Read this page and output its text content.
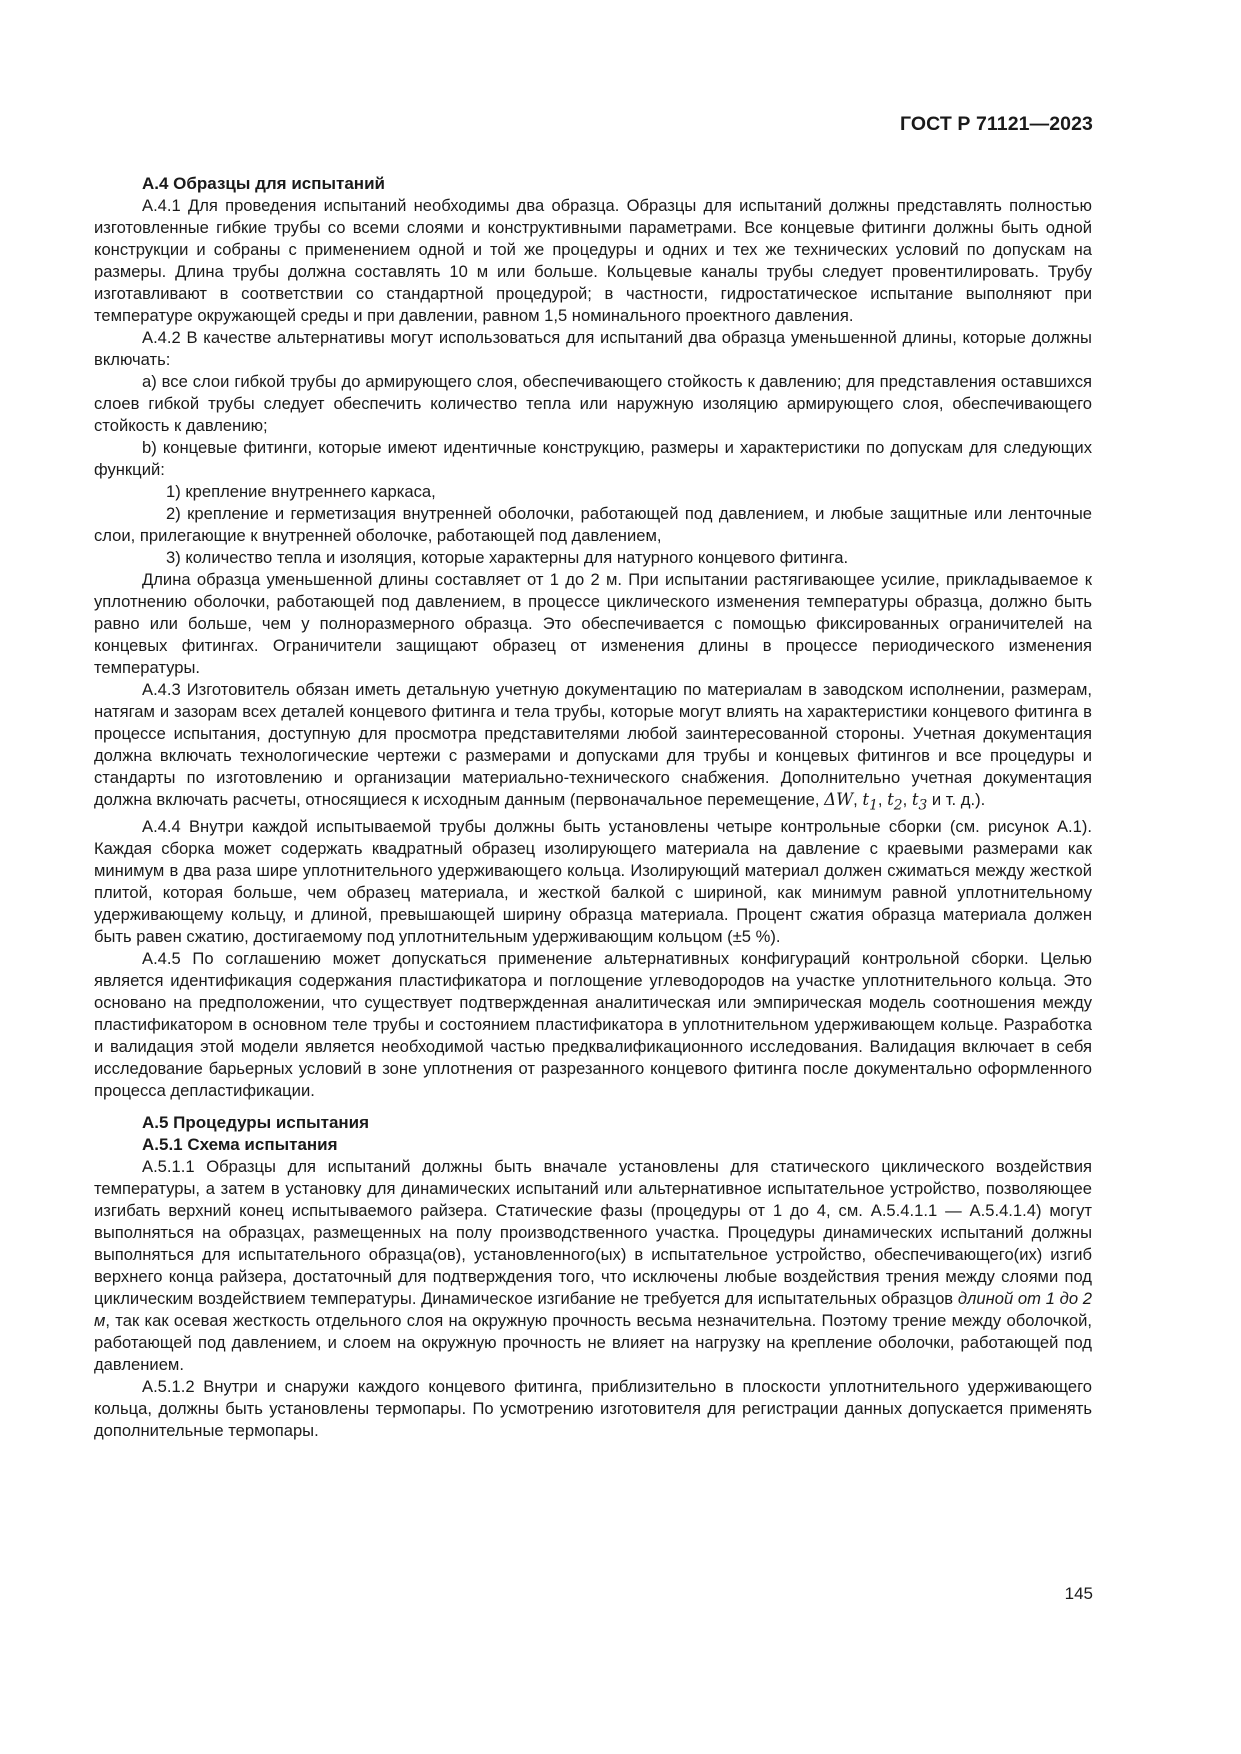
ГОСТ Р 71121—2023

А.4 Образцы для испытаний

А.4.1 Для проведения испытаний необходимы два образца. Образцы для испытаний должны представлять полностью изготовленные гибкие трубы со всеми слоями и конструктивными параметрами. Все концевые фитинги должны быть одной конструкции и собраны с применением одной и той же процедуры и одних и тех же технических условий по допускам на размеры. Длина трубы должна составлять 10 м или больше. Кольцевые каналы трубы следует провентилировать. Трубу изготавливают в соответствии со стандартной процедурой; в частности, гидростатическое испытание выполняют при температуре окружающей среды и при давлении, равном 1,5 номинального проектного давления.

А.4.2 В качестве альтернативы могут использоваться для испытаний два образца уменьшенной длины, которые должны включать:

a) все слои гибкой трубы до армирующего слоя, обеспечивающего стойкость к давлению; для представления оставшихся слоев гибкой трубы следует обеспечить количество тепла или наружную изоляцию армирующего слоя, обеспечивающего стойкость к давлению;

b) концевые фитинги, которые имеют идентичные конструкцию, размеры и характеристики по допускам для следующих функций:

1) крепление внутреннего каркаса,

2) крепление и герметизация внутренней оболочки, работающей под давлением, и любые защитные или ленточные слои, прилегающие к внутренней оболочке, работающей под давлением,

3) количество тепла и изоляция, которые характерны для натурного концевого фитинга.

Длина образца уменьшенной длины составляет от 1 до 2 м. При испытании растягивающее усилие, прикладываемое к уплотнению оболочки, работающей под давлением, в процессе циклического изменения температуры образца, должно быть равно или больше, чем у полноразмерного образца. Это обеспечивается с помощью фиксированных ограничителей на концевых фитингах. Ограничители защищают образец от изменения длины в процессе периодического изменения температуры.

А.4.3 Изготовитель обязан иметь детальную учетную документацию по материалам в заводском исполнении, размерам, натягам и зазорам всех деталей концевого фитинга и тела трубы, которые могут влиять на характеристики концевого фитинга в процессе испытания, доступную для просмотра представителями любой заинтересованной стороны. Учетная документация должна включать технологические чертежи с размерами и допусками для трубы и концевых фитингов и все процедуры и стандарты по изготовлению и организации материально-технического снабжения. Дополнительно учетная документация должна включать расчеты, относящиеся к исходным данным (первоначальное перемещение, ΔW, $t_1$, $t_2$, $t_3$ и т. д.).

А.4.4 Внутри каждой испытываемой трубы должны быть установлены четыре контрольные сборки (см. рисунок А.1). Каждая сборка может содержать квадратный образец изолирующего материала на давление с краевыми размерами как минимум в два раза шире уплотнительного удерживающего кольца. Изолирующий материал должен сжиматься между жесткой плитой, которая больше, чем образец материала, и жесткой балкой с шириной, как минимум равной уплотнительному удерживающему кольцу, и длиной, превышающей ширину образца материала. Процент сжатия образца материала должен быть равен сжатию, достигаемому под уплотнительным удерживающим кольцом (±5 %).

А.4.5 По соглашению может допускаться применение альтернативных конфигураций контрольной сборки. Целью является идентификация содержания пластификатора и поглощение углеводородов на участке уплотнительного кольца. Это основано на предположении, что существует подтвержденная аналитическая или эмпирическая модель соотношения между пластификатором в основном теле трубы и состоянием пластификатора в уплотнительном удерживающем кольце. Разработка и валидация этой модели является необходимой частью предквалификационного исследования. Валидация включает в себя исследование барьерных условий в зоне уплотнения от разрезанного концевого фитинга после документально оформленного процесса депластификации.

А.5 Процедуры испытания

А.5.1 Схема испытания

А.5.1.1 Образцы для испытаний должны быть вначале установлены для статического циклического воздействия температуры, а затем в установку для динамических испытаний или альтернативное испытательное устройство, позволяющее изгибать верхний конец испытываемого райзера. Статические фазы (процедуры от 1 до 4, см. А.5.4.1.1 — А.5.4.1.4) могут выполняться на образцах, размещенных на полу производственного участка. Процедуры динамических испытаний должны выполняться для испытательного образца(ов), установленного(ых) в испытательное устройство, обеспечивающего(их) изгиб верхнего конца райзера, достаточный для подтверждения того, что исключены любые воздействия трения между слоями под циклическим воздействием температуры. Динамическое изгибание не требуется для испытательных образцов длиной от 1 до 2 м, так как осевая жесткость отдельного слоя на окружную прочность весьма незначительна. Поэтому трение между оболочкой, работающей под давлением, и слоем на окружную прочность не влияет на нагрузку на крепление оболочки, работающей под давлением.

А.5.1.2 Внутри и снаружи каждого концевого фитинга, приблизительно в плоскости уплотнительного удерживающего кольца, должны быть установлены термопары. По усмотрению изготовителя для регистрации данных допускается применять дополнительные термопары.

145
